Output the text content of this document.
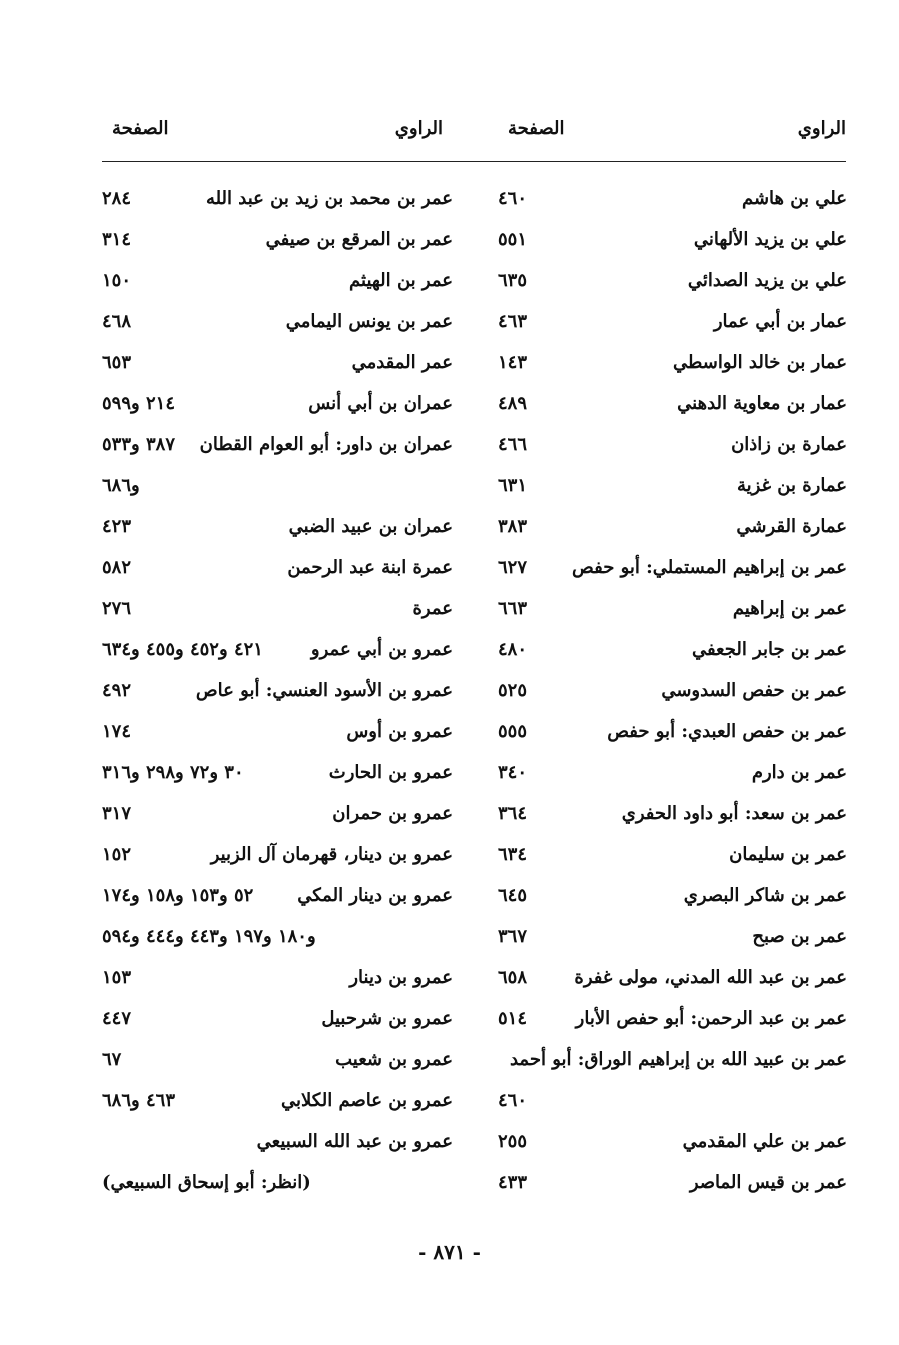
الراوي
الصفحة
الراوي
الصفحة
علي بن هاشم
٤٦٠
عمر بن محمد بن زيد بن عبد الله
٢٨٤
علي بن يزيد الألهاني
٥٥١
عمر بن المرقع بن صيفي
٣١٤
علي بن يزيد الصدائي
٦٣٥
عمر بن الهيثم
١٥٠
عمار بن أبي عمار
٤٦٣
عمر بن يونس اليمامي
٤٦٨
عمار بن خالد الواسطي
١٤٣
عمر المقدمي
٦٥٣
عمار بن معاوية الدهني
٤٨٩
عمران بن أبي أنس
٢١٤ و٥٩٩
عمارة بن زاذان
٤٦٦
عمران بن داور: أبو العوام القطان
٣٨٧ و٥٣٣
عمارة بن غزية
٦٣١
و٦٨٦
عمارة القرشي
٣٨٣
عمران بن عبيد الضبي
٤٢٣
عمر بن إبراهيم المستملي: أبو حفص
٦٢٧
عمرة ابنة عبد الرحمن
٥٨٢
عمر بن إبراهيم
٦٦٣
عمرة
٢٧٦
عمر بن جابر الجعفي
٤٨٠
عمرو بن أبي عمرو
٤٢١ و٤٥٢ و٤٥٥ و٦٣٤
عمر بن حفص السدوسي
٥٢٥
عمرو بن الأسود العنسي: أبو عاص
٤٩٢
عمر بن حفص العبدي: أبو حفص
٥٥٥
عمرو بن أوس
١٧٤
عمر بن دارم
٣٤٠
عمرو بن الحارث
٣٠ و٧٢ و٢٩٨ و٣١٦
عمر بن سعد: أبو داود الحفري
٣٦٤
عمرو بن حمران
٣١٧
عمر بن سليمان
٦٣٤
عمرو بن دينار، قهرمان آل الزبير
١٥٢
عمر بن شاكر البصري
٦٤٥
عمرو بن دينار المكي
٥٢ و١٥٣ و١٥٨ و١٧٤
عمر بن صبح
٣٦٧
و١٨٠ و١٩٧ و٤٤٣ و٤٤٤ و٥٩٤
عمر بن عبد الله المدني، مولى غفرة
٦٥٨
عمرو بن دينار
١٥٣
عمر بن عبد الرحمن: أبو حفص الأبار
٥١٤
عمرو بن شرحبيل
٤٤٧
عمر بن عبيد الله بن إبراهيم الوراق: أبو أحمد
عمرو بن شعيب
٦٧
٤٦٠
عمرو بن عاصم الكلابي
٤٦٣ و٦٨٦
عمر بن علي المقدمي
٢٥٥
عمرو بن عبد الله السبيعي
عمر بن قيس الماصر
٤٣٣
(انظر: أبو إسحاق السبيعي)
- ٨٧١ -
